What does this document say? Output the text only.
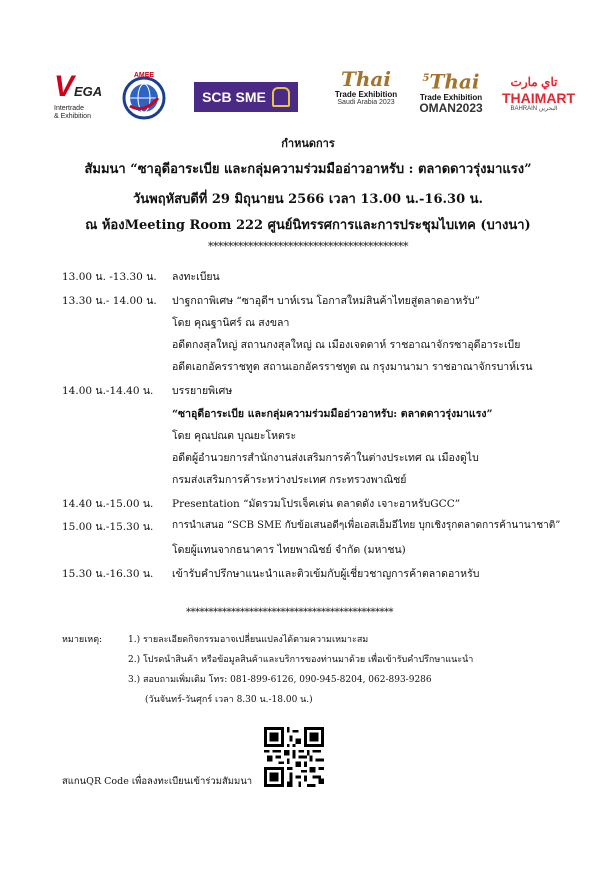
V EGA
Intertrade
& Exhibition
AMEE
SCB SME
Thai
Trade Exhibition
Saudi Arabia 2023
$^5$Thai
Trade Exhibition
OMAN2023
تاي مارت
THAIMART
BAHRAIN البحرين
กำหนดการ
สัมมนา “ซาอุดีอาระเบีย และกลุ่มความร่วมมืออ่าวอาหรับ : ตลาดดาวรุ่งมาแรง”
วันพฤหัสบดีที่ 29 มิถุนายน 2566 เวลา 13.00 น.-16.30 น.
ณ ห้องMeeting Room 222 ศูนย์นิทรรศการและการประชุมไบเทค (บางนา)
****************************************
13.00 น. -13.30 น. ลงทะเบียน
13.30 น.- 14.00 น. ปาฐกถาพิเศษ “ซาอุดีฯ บาห์เรน โอกาสใหม่สินค้าไทยสู่ตลาดอาหรับ”
โดย คุณฐานิศร์ ณ สงขลา
อดีตกงสุลใหญ่ สถานกงสุลใหญ่ ณ เมืองเจดดาห์ ราชอาณาจักรซาอุดีอาระเบีย
อดีตเอกอัครราชทูต สถานเอกอัครราชทูต ณ กรุงมานามา ราชอาณาจักรบาห์เรน
14.00 น.-14.40 น. บรรยายพิเศษ
“ซาอุดีอาระเบีย และกลุ่มความร่วมมืออ่าวอาหรับ: ตลาดดาวรุ่งมาแรง”
โดย คุณปณต บุณยะโหตระ
อดีตผู้อำนวยการสำนักงานส่งเสริมการค้าในต่างประเทศ ณ เมืองดูไบ
กรมส่งเสริมการค้าระหว่างประเทศ กระทรวงพาณิชย์
14.40 น.-15.00 น. Presentation “มัดรวมโปรเจ็คเด่น ตลาดดัง เจาะอาหรับGCC”
15.00 น.-15.30 น. การนำเสนอ “SCB SME กับข้อเสนอดีๆเพื่อเอสเอ็มอีไทย บุกเชิงรุกตลาดการค้านานาชาติ”
โดยผู้แทนจากธนาคาร ไทยพาณิชย์ จำกัด (มหาชน)
15.30 น.-16.30 น. เข้ารับคำปรึกษาแนะนำและติวเข้มกับผู้เชี่ยวชาญการค้าตลาดอาหรับ
**********************************************
หมายเหตุ:	1.) รายละเอียดกิจกรรมอาจเปลี่ยนแปลงได้ตามความเหมาะสม
2.) โปรดนำสินค้า หรือข้อมูลสินค้าและบริการของท่านมาด้วย เพื่อเข้ารับคำปรึกษาแนะนำ
3.) สอบถามเพิ่มเติม โทร: 081-899-6126, 090-945-8204, 062-893-9286
(วันจันทร์-วันศุกร์ เวลา 8.30 น.-18.00 น.)
สแกนQR Code เพื่อลงทะเบียนเข้าร่วมสัมมนา
